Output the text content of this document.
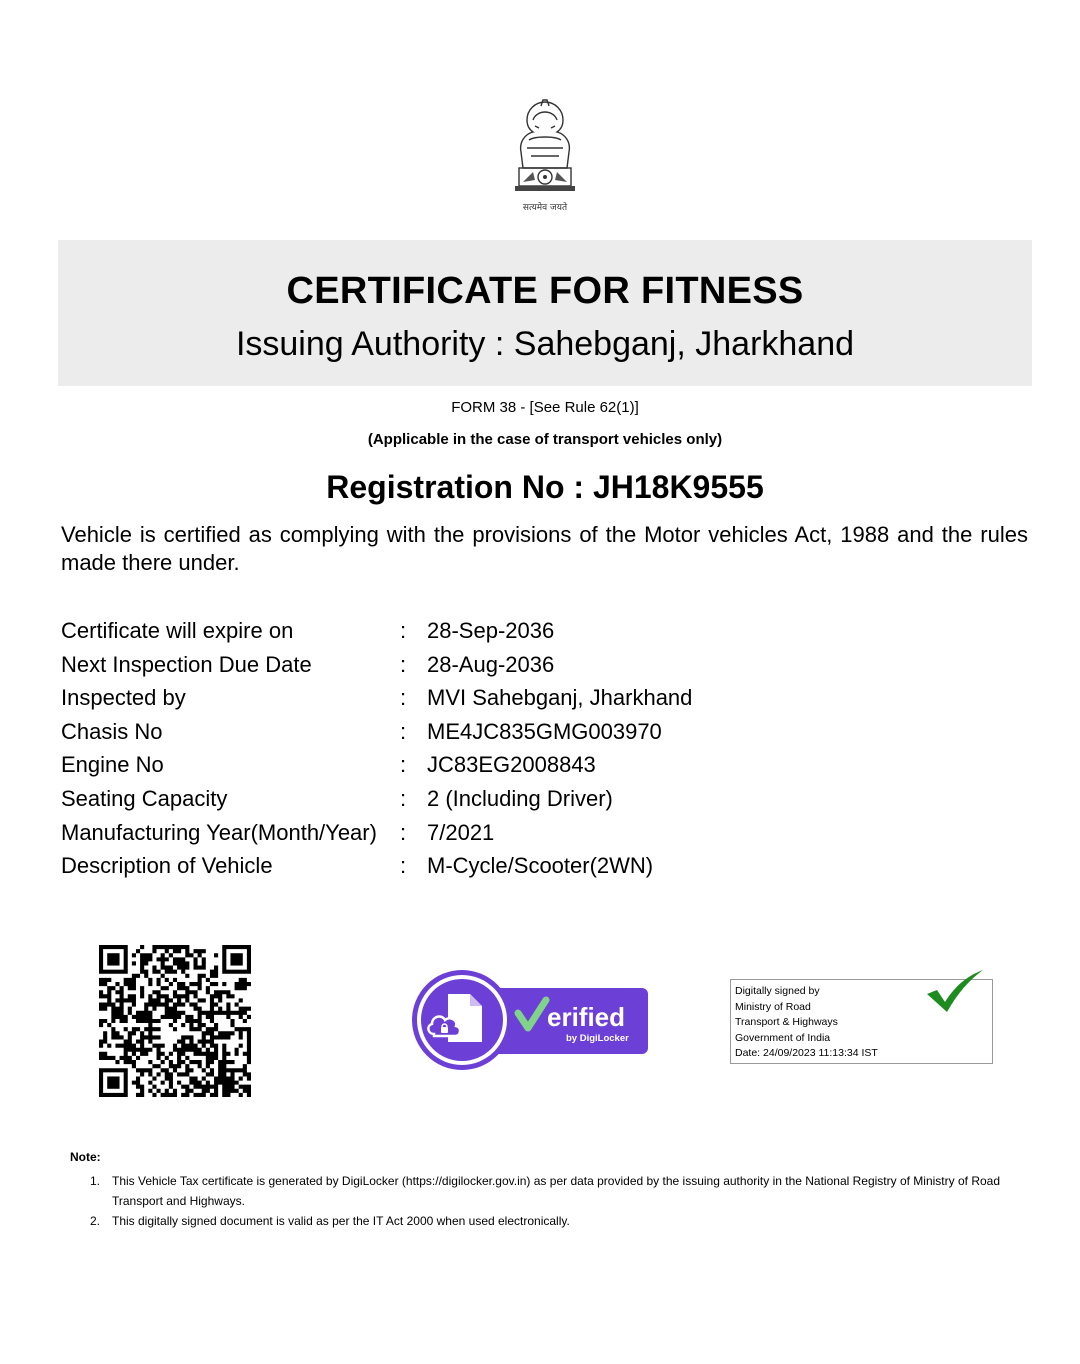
सत्यमेव जयते
CERTIFICATE FOR FITNESS
Issuing Authority : Sahebganj, Jharkhand
FORM 38 - [See Rule 62(1)]
(Applicable in the case of transport vehicles only)
Registration No : JH18K9555
Vehicle is certified as complying with the provisions of the Motor vehicles Act, 1988 and the rules made there under.
Certificate will expire on	: 28-Sep-2036
Next Inspection Due Date	: 28-Aug-2036
Inspected by	: MVI Sahebganj, Jharkhand
Chasis No	: ME4JC835GMG003970
Engine No	: JC83EG2008843
Seating Capacity	: 2 (Including Driver)
Manufacturing Year(Month/Year) : 7/2021
Description of Vehicle	: M-Cycle/Scooter(2WN)
erified
by DigiLocker
Digitally signed by
Ministry of Road
Transport & Highways
Government of India
Date: 24/09/2023 11:13:34 IST
Note:
1. This Vehicle Tax certificate is generated by DigiLocker (https://digilocker.gov.in) as per data provided by the issuing authority in the National Registry of Ministry of Road Transport and Highways.
2. This digitally signed document is valid as per the IT Act 2000 when used electronically.
